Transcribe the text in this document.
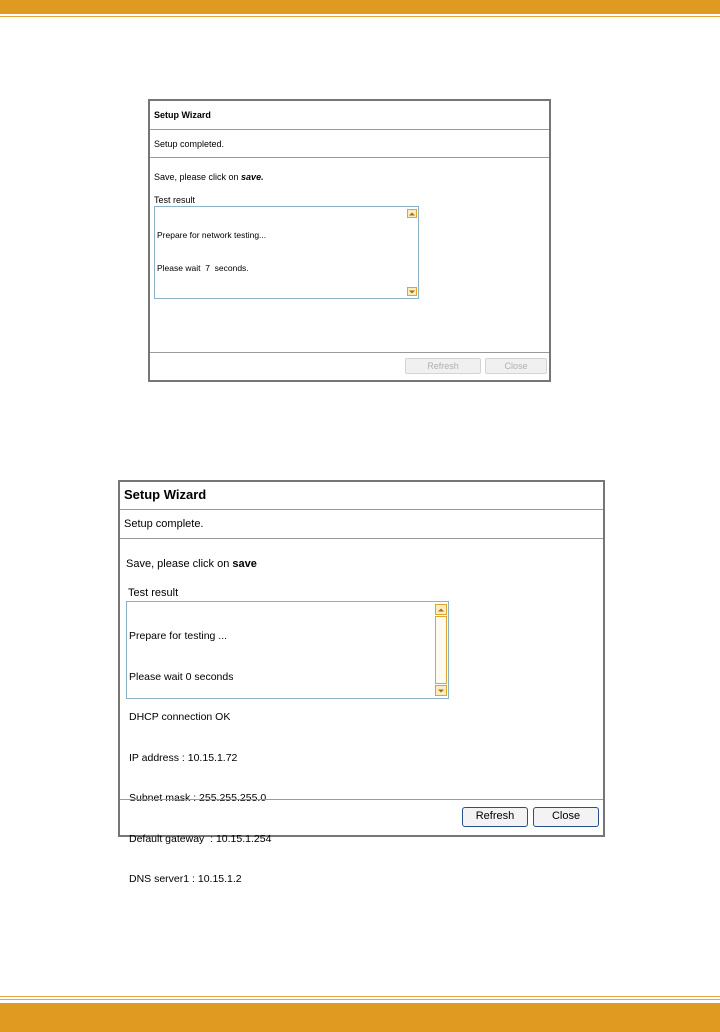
Setup Wizard
Setup completed.
Save, please click on save.
Test result

Prepare for network testing...

Please wait  7  seconds.

Refresh	Close
Setup Wizard
Setup complete.
Save, please click on save
Test result

Prepare for testing ...

Please wait 0 seconds

DHCP connection OK

IP address : 10.15.1.72

Subnet mask : 255.255.255.0

Default gateway  : 10.15.1.254

DNS server1 : 10.15.1.2

Refresh	Close
